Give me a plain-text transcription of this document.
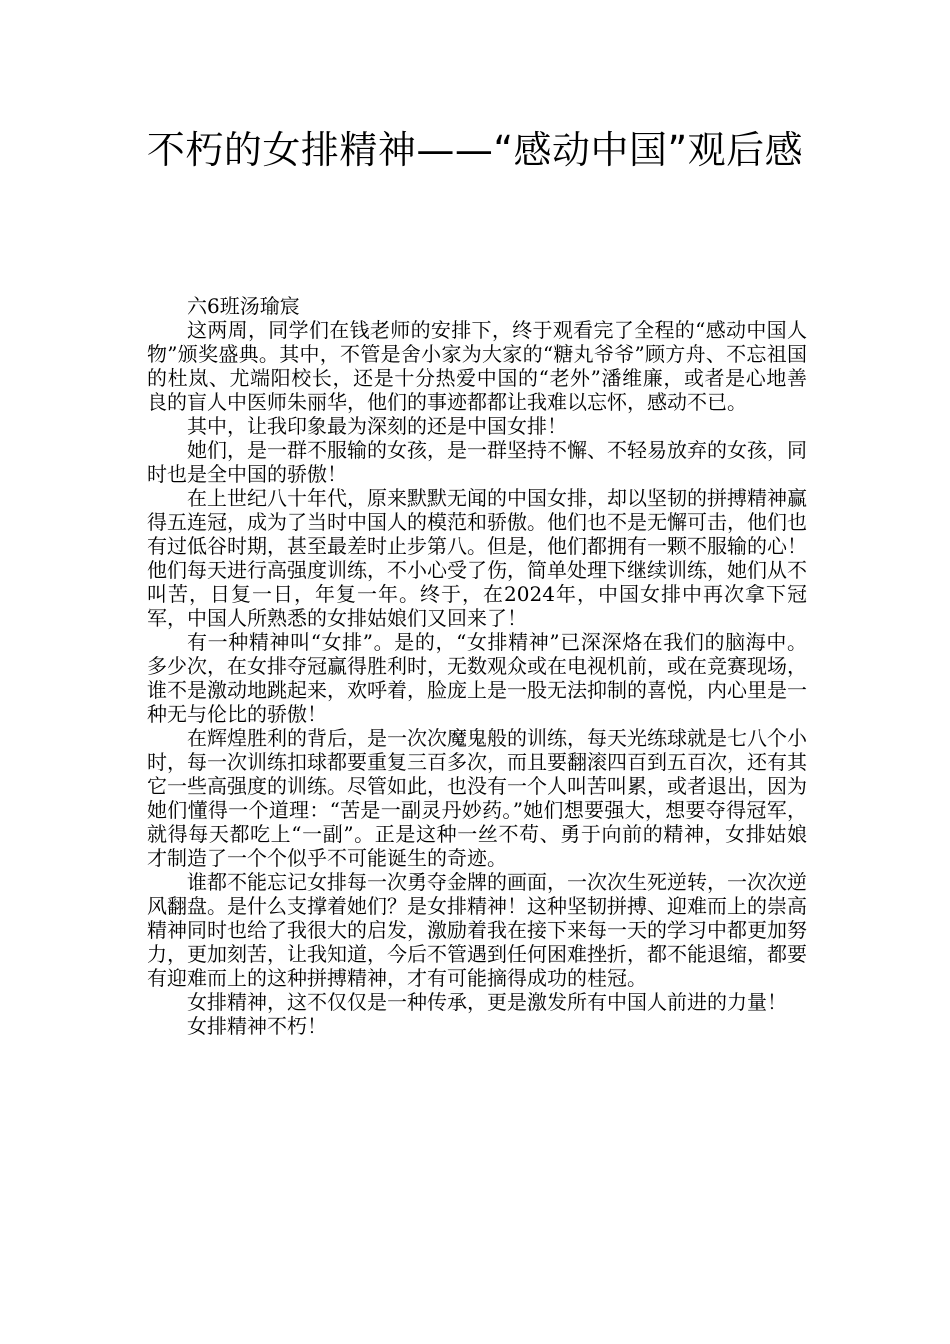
不朽的女排精神——“感动中国”观后感

六6班汤瑜宸

这两周，同学们在钱老师的安排下，终于观看完了全程的“感动中国人物”颁奖盛典。其中，不管是舍小家为大家的“糖丸爷爷”顾方舟、不忘祖国的杜岚、尤端阳校长，还是十分热爱中国的“老外”潘维廉，或者是心地善良的盲人中医师朱丽华，他们的事迹都都让我难以忘怀，感动不已。

其中，让我印象最为深刻的还是中国女排！

她们，是一群不服输的女孩，是一群坚持不懈、不轻易放弃的女孩，同时也是全中国的骄傲！

在上世纪八十年代，原来默默无闻的中国女排，却以坚韧的拼搏精神赢得五连冠，成为了当时中国人的模范和骄傲。他们也不是无懈可击，他们也有过低谷时期，甚至最差时止步第八。但是，他们都拥有一颗不服输的心！他们每天进行高强度训练，不小心受了伤，简单处理下继续训练，她们从不叫苦，日复一日，年复一年。终于，在2024年，中国女排中再次拿下冠军，中国人所熟悉的女排姑娘们又回来了！

有一种精神叫“女排”。是的，“女排精神”已深深烙在我们的脑海中。多少次，在女排夺冠赢得胜利时，无数观众或在电视机前，或在竞赛现场，谁不是激动地跳起来，欢呼着，脸庞上是一股无法抑制的喜悦，内心里是一种无与伦比的骄傲！

在辉煌胜利的背后，是一次次魔鬼般的训练，每天光练球就是七八个小时，每一次训练扣球都要重复三百多次，而且要翻滚四百到五百次，还有其它一些高强度的训练。尽管如此，也没有一个人叫苦叫累，或者退出，因为她们懂得一个道理：“苦是一副灵丹妙药。”她们想要强大，想要夺得冠军，就得每天都吃上“一副”。正是这种一丝不苟、勇于向前的精神，女排姑娘才制造了一个个似乎不可能诞生的奇迹。

谁都不能忘记女排每一次勇夺金牌的画面，一次次生死逆转，一次次逆风翻盘。是什么支撑着她们？是女排精神！这种坚韧拼搏、迎难而上的崇高精神同时也给了我很大的启发，激励着我在接下来每一天的学习中都更加努力，更加刻苦，让我知道，今后不管遇到任何困难挫折，都不能退缩，都要有迎难而上的这种拼搏精神，才有可能摘得成功的桂冠。

女排精神，这不仅仅是一种传承，更是激发所有中国人前进的力量！

女排精神不朽！
